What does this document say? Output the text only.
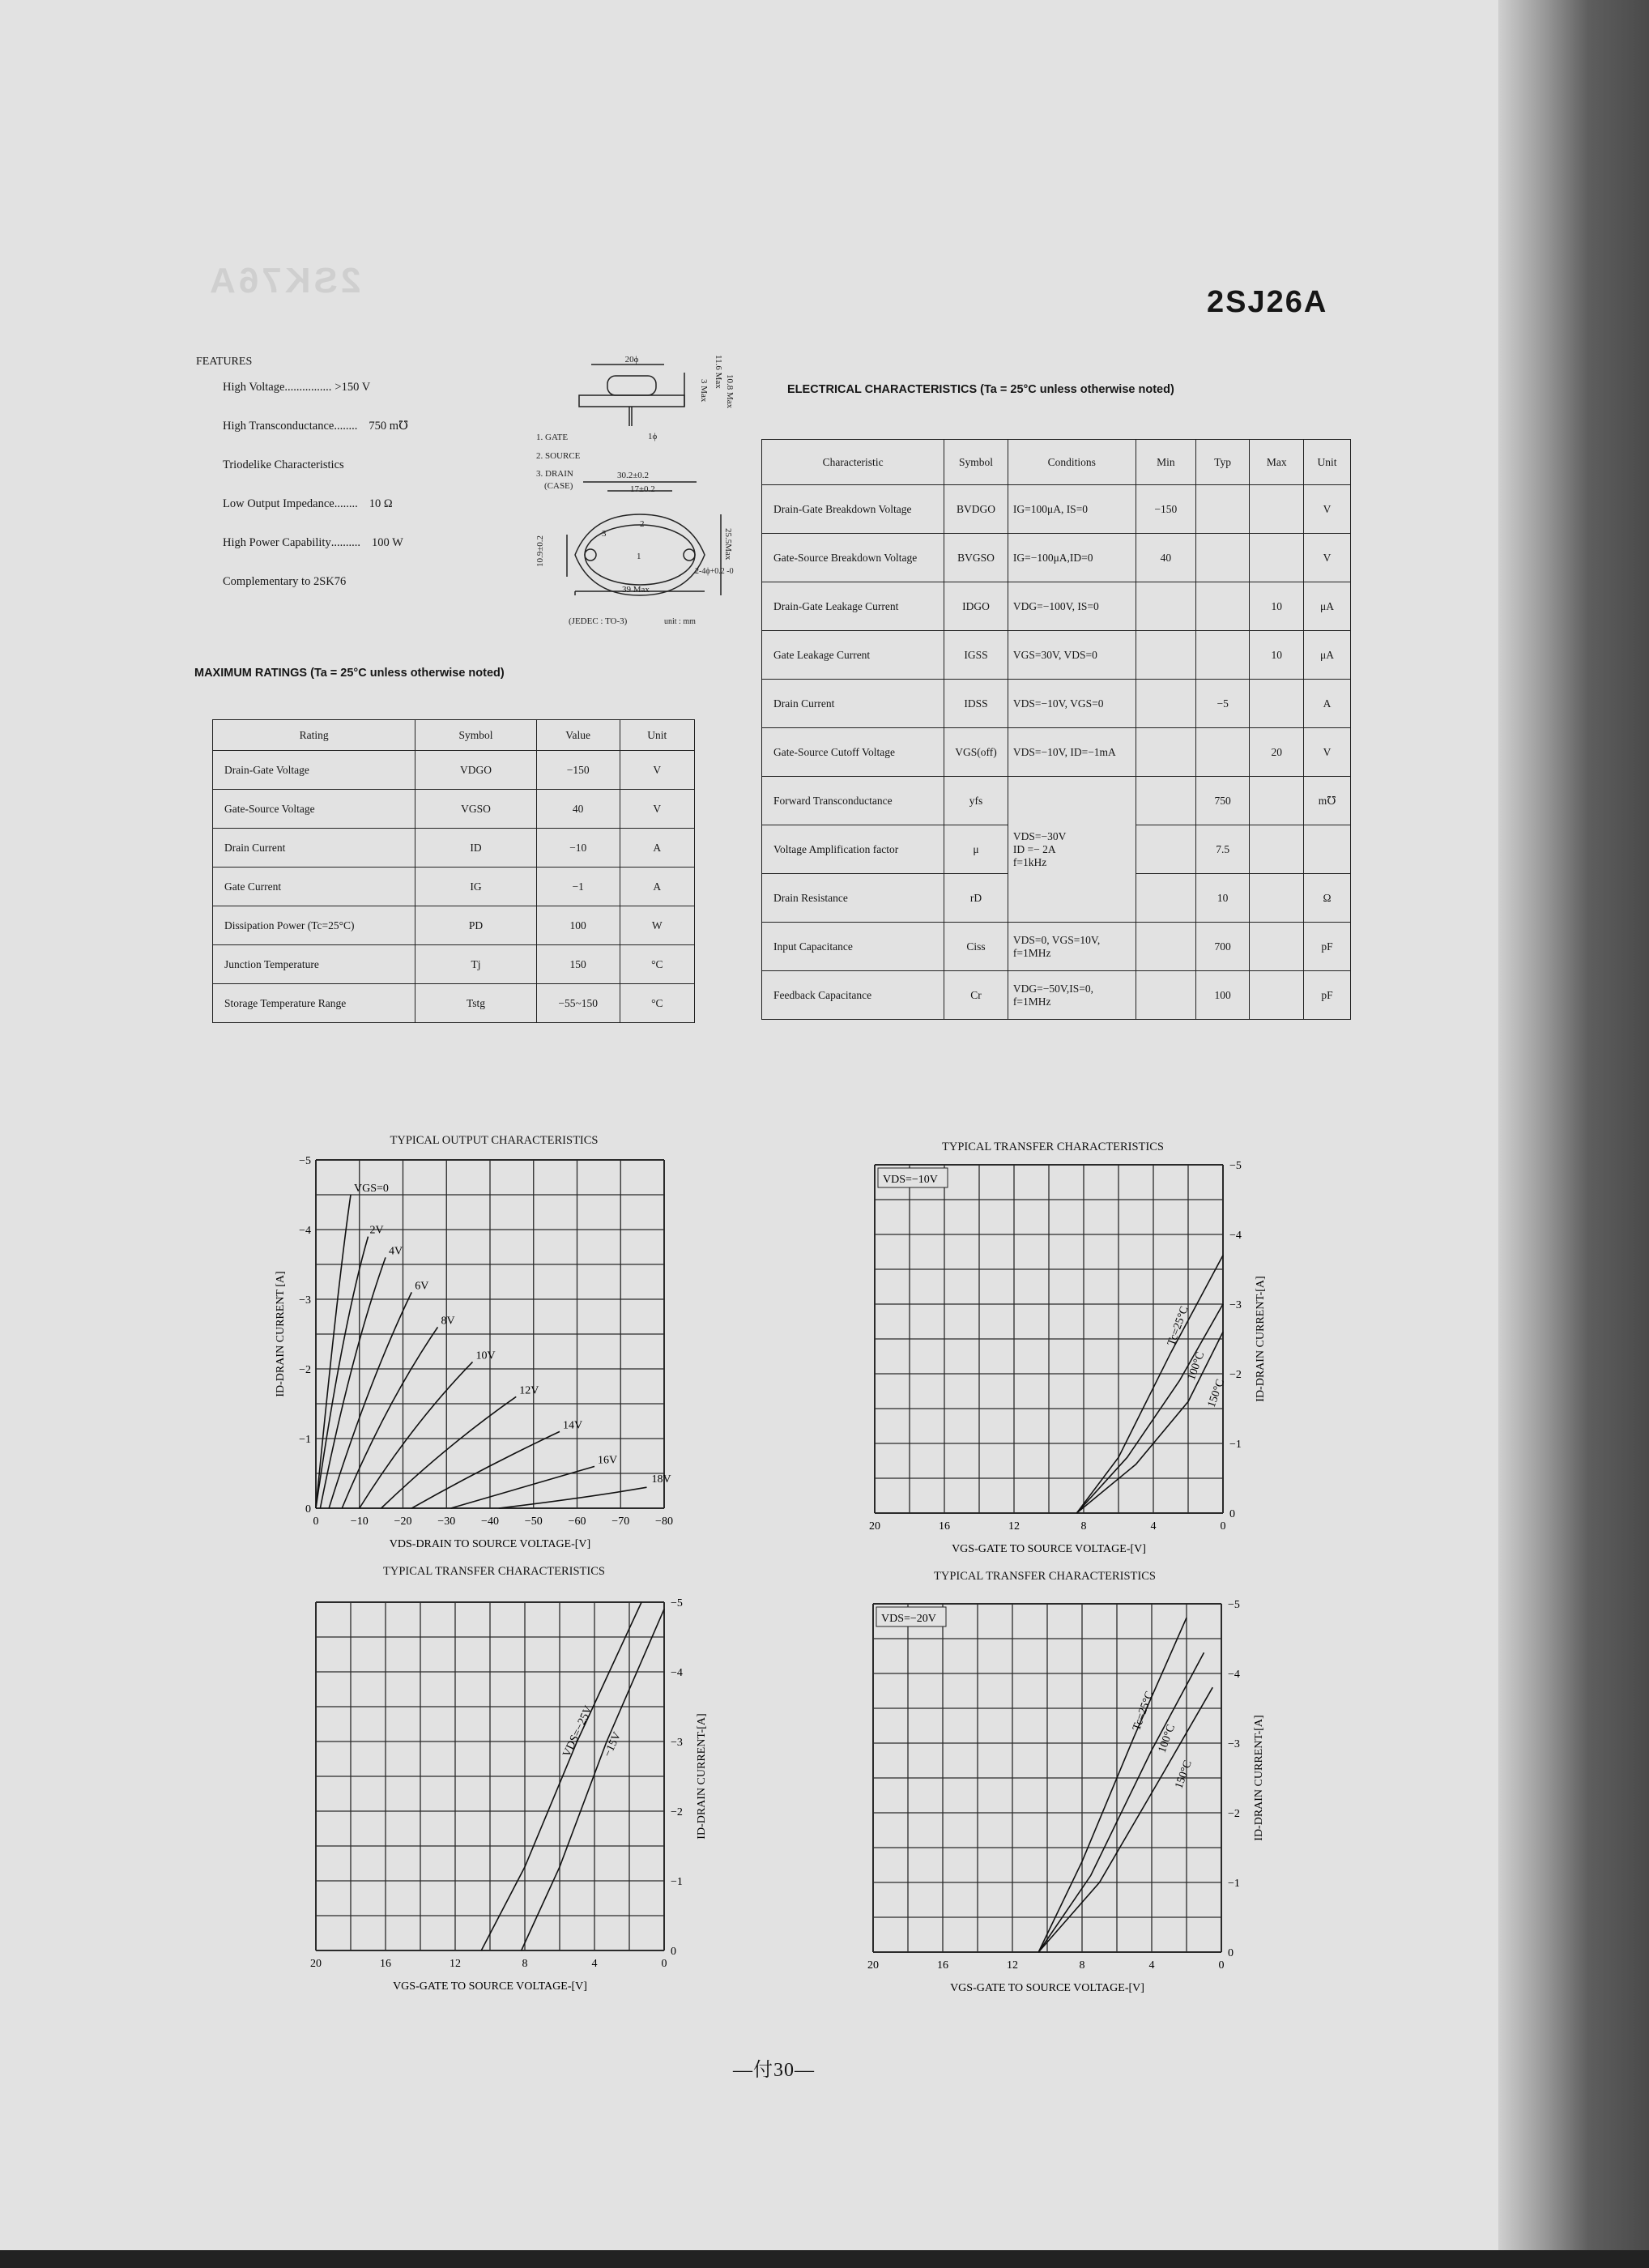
2SK76A
2SJ26A
FEATURES
High Voltage ................ >150 V
High Transconductance ........ 750 m℧
Triodelike Characteristics
Low Output Impedance ........ 10 Ω
High Power Capability .......... 100 W
Complementary to 2SK76
20ϕ
3 Max
11.6 Max
10.8 Max
1ϕ
1. GATE
2. SOURCE
3. DRAIN
(CASE)
30.2±0.2
17±0.2
10.9±0.2	25.5Max
2-4ϕ+0.2 -0
39 Max
2
3
1
(JEDEC : TO-3)	unit : mm
MAXIMUM RATINGS (Ta = 25°C unless otherwise noted)
Rating	Symbol	Value	Unit
Drain-Gate Voltage	VDGO	−150	V
Gate-Source Voltage	VGSO	40	V
Drain Current	ID	−10	A
Gate Current	IG	−1	A
Dissipation Power (Tc=25°C)	PD	100	W
Junction Temperature	Tj	150	°C
Storage Temperature Range	Tstg	−55~150	°C
ELECTRICAL CHARACTERISTICS (Ta = 25°C unless otherwise noted)
Characteristic	Symbol	Conditions	Min	Typ	Max	Unit
Drain-Gate Breakdown Voltage	BVDGO	IG=100μA, IS=0	−150			V
Gate-Source Breakdown Voltage	BVGSO	IG=−100μA,ID=0	40			V
Drain-Gate Leakage Current	IDGO	VDG=−100V, IS=0			10	μA
Gate Leakage Current	IGSS	VGS=30V, VDS=0			10	μA
Drain Current	IDSS	VDS=−10V, VGS=0		−5		A
Gate-Source Cutoff Voltage	VGS(off)	VDS=−10V, ID=−1mA			20	V
Forward Transconductance	yfs	VDS=−30V
ID =− 2A
f=1kHz		750		m℧
Voltage Amplification factor	μ			7.5		
Drain Resistance	rD			10		Ω
Input Capacitance	Ciss	VDS=0, VGS=10V,
f=1MHz		700		pF
Feedback Capacitance	Cr	VDG=−50V,IS=0,
f=1MHz		100		pF
TYPICAL OUTPUT CHARACTERISTICS
0	−10 −20 −30 −40 −50 −60 −70 −80
0
−1
−2
−3
−4
−5
VDS-DRAIN TO SOURCE VOLTAGE-[V]
ID-DRAIN CURRENT [A]
VGS=0
2V
4V
6V
8V
10V
12V
14V
16V
18V
TYPICAL TRANSFER CHARACTERISTICS
20	16	12	8	4	0
0
−1
−2
−3
−4
−5
VGS-GATE TO SOURCE VOLTAGE-[V]
ID-DRAIN CURRENT-[A]
VDS=−10V
Tc=25°C
100°C
150°C
TYPICAL TRANSFER CHARACTERISTICS
20	16	12	8	4	0
0
−1
−2
−3
−4
−5
VGS-GATE TO SOURCE VOLTAGE-[V]
ID-DRAIN CURRENT-[A]
VDS=−25V −15V
TYPICAL TRANSFER CHARACTERISTICS
20	16	12	8	4	0
0
−1
−2
−3
−4
−5
VGS-GATE TO SOURCE VOLTAGE-[V]
ID-DRAIN CURRENT-[A]
VDS=−20V
Tc=25°C
100°C
150°C
—付30—
